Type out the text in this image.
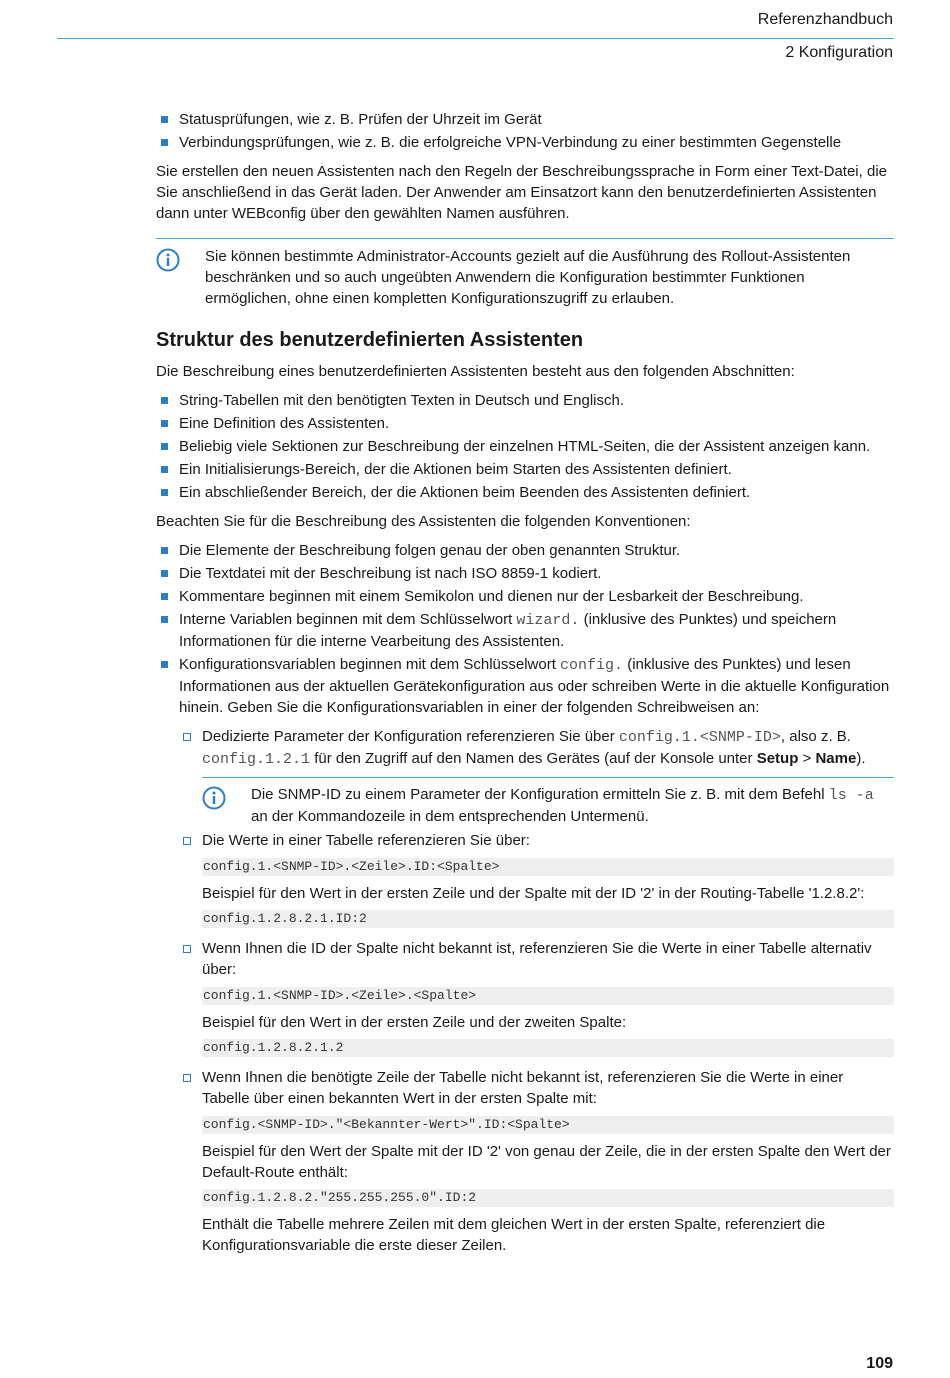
Referenzhandbuch
2 Konfiguration
Statusprüfungen, wie z. B. Prüfen der Uhrzeit im Gerät
Verbindungsprüfungen, wie z. B. die erfolgreiche VPN-Verbindung zu einer bestimmten Gegenstelle

Sie erstellen den neuen Assistenten nach den Regeln der Beschreibungssprache in Form einer Text-Datei, die Sie anschließend in das Gerät laden. Der Anwender am Einsatzort kann den benutzerdefinierten Assistenten dann unter WEBconfig über den gewählten Namen ausführen.

Sie können bestimmte Administrator-Accounts gezielt auf die Ausführung des Rollout-Assistenten beschränken und so auch ungeübten Anwendern die Konfiguration bestimmter Funktionen ermöglichen, ohne einen kompletten Konfigurationszugriff zu erlauben.
Struktur des benutzerdefinierten Assistenten

Die Beschreibung eines benutzerdefinierten Assistenten besteht aus den folgenden Abschnitten:

String-Tabellen mit den benötigten Texten in Deutsch und Englisch.
Eine Definition des Assistenten.
Beliebig viele Sektionen zur Beschreibung der einzelnen HTML-Seiten, die der Assistent anzeigen kann.
Ein Initialisierungs-Bereich, der die Aktionen beim Starten des Assistenten definiert.
Ein abschließender Bereich, der die Aktionen beim Beenden des Assistenten definiert.

Beachten Sie für die Beschreibung des Assistenten die folgenden Konventionen:

Die Elemente der Beschreibung folgen genau der oben genannten Struktur.
Die Textdatei mit der Beschreibung ist nach ISO 8859-1 kodiert.
Kommentare beginnen mit einem Semikolon und dienen nur der Lesbarkeit der Beschreibung.
Interne Variablen beginnen mit dem Schlüsselwort wizard. (inklusive des Punktes) und speichern Informationen für die interne Vearbeitung des Assistenten.
Konfigurationsvariablen beginnen mit dem Schlüsselwort config. (inklusive des Punktes) und lesen Informationen aus der aktuellen Gerätekonfiguration aus oder schreiben Werte in die aktuelle Konfiguration hinein. Geben Sie die Konfigurationsvariablen in einer der folgenden Schreibweisen an:
Dedizierte Parameter der Konfiguration referenzieren Sie über config.1.<SNMP-ID>, also z. B. config.1.2.1 für den Zugriff auf den Namen des Gerätes (auf der Konsole unter Setup > Name).
Die SNMP-ID zu einem Parameter der Konfiguration ermitteln Sie z. B. mit dem Befehl ls -a an der Kommandozeile in dem entsprechenden Untermenü.
Die Werte in einer Tabelle referenzieren Sie über:
config.1.<SNMP-ID>.<Zeile>.ID:<Spalte>
Beispiel für den Wert in der ersten Zeile und der Spalte mit der ID '2' in der Routing-Tabelle '1.2.8.2':
config.1.2.8.2.1.ID:2
Wenn Ihnen die ID der Spalte nicht bekannt ist, referenzieren Sie die Werte in einer Tabelle alternativ über:
config.1.<SNMP-ID>.<Zeile>.<Spalte>
Beispiel für den Wert in der ersten Zeile und der zweiten Spalte:
config.1.2.8.2.1.2
Wenn Ihnen die benötigte Zeile der Tabelle nicht bekannt ist, referenzieren Sie die Werte in einer Tabelle über einen bekannten Wert in der ersten Spalte mit:
config.<SNMP-ID>."<Bekannter-Wert>".ID:<Spalte>
Beispiel für den Wert der Spalte mit der ID '2' von genau der Zeile, die in der ersten Spalte den Wert der Default-Route enthält:
config.1.2.8.2."255.255.255.0".ID:2
Enthält die Tabelle mehrere Zeilen mit dem gleichen Wert in der ersten Spalte, referenziert die Konfigurationsvariable die erste dieser Zeilen.
109
